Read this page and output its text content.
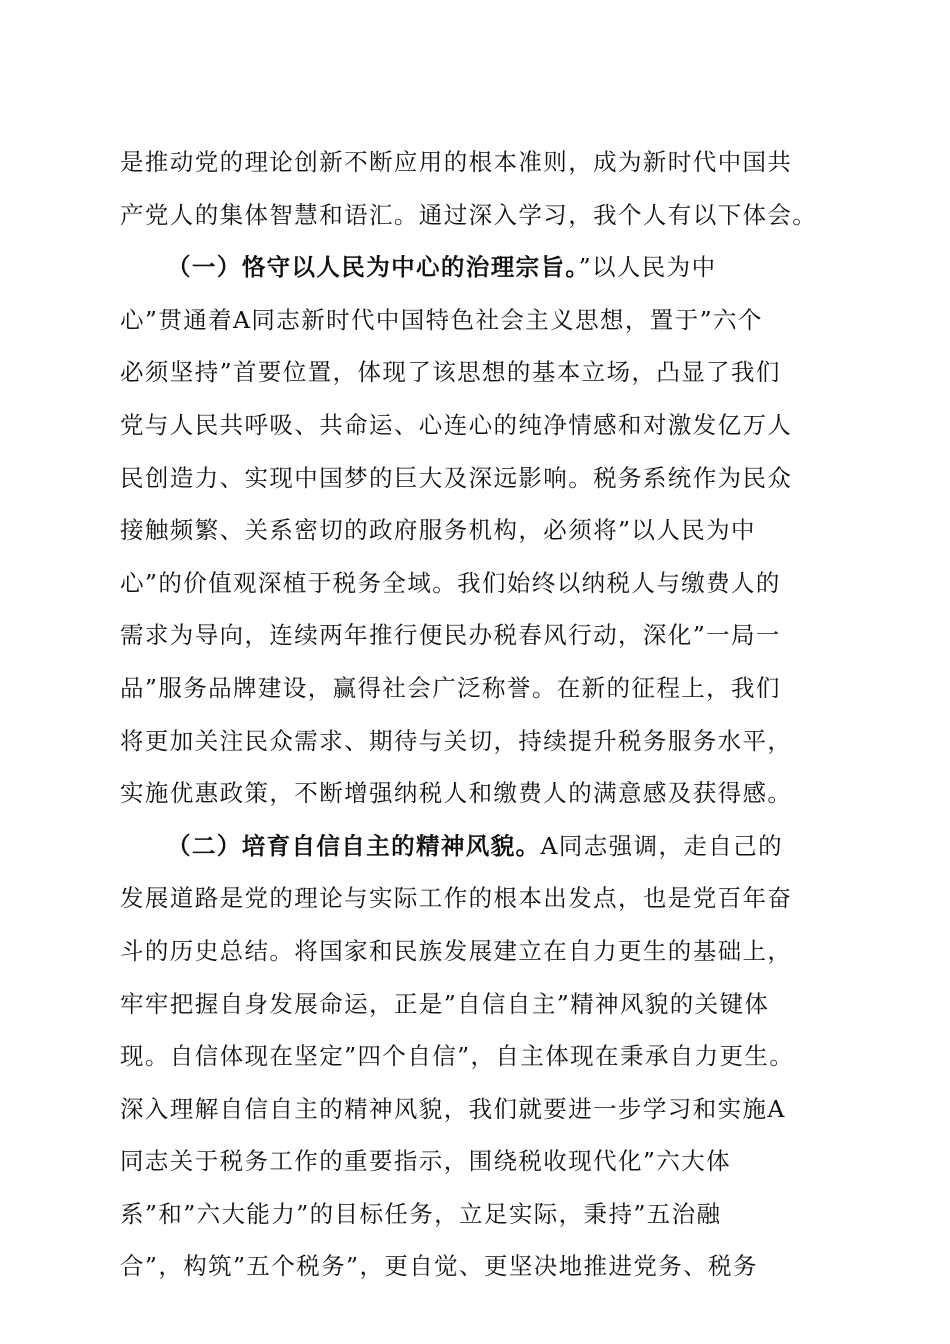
是推动党的理论创新不断应用的根本准则，成为新时代中国共
产党人的集体智慧和语汇。通过深入学习，我个人有以下体会。
（一）恪守以人民为中心的治理宗旨。”以人民为中
心”贯通着A同志新时代中国特色社会主义思想，置于”六个
必须坚持”首要位置，体现了该思想的基本立场，凸显了我们
党与人民共呼吸、共命运、心连心的纯净情感和对激发亿万人
民创造力、实现中国梦的巨大及深远影响。税务系统作为民众
接触频繁、关系密切的政府服务机构，必须将”以人民为中
心”的价值观深植于税务全域。我们始终以纳税人与缴费人的
需求为导向，连续两年推行便民办税春风行动，深化”一局一
品”服务品牌建设，赢得社会广泛称誉。在新的征程上，我们
将更加关注民众需求、期待与关切，持续提升税务服务水平，
实施优惠政策，不断增强纳税人和缴费人的满意感及获得感。
（二）培育自信自主的精神风貌。A同志强调，走自己的
发展道路是党的理论与实际工作的根本出发点，也是党百年奋
斗的历史总结。将国家和民族发展建立在自力更生的基础上，
牢牢把握自身发展命运，正是”自信自主”精神风貌的关键体
现。自信体现在坚定”四个自信”，自主体现在秉承自力更生。
深入理解自信自主的精神风貌，我们就要进一步学习和实施A
同志关于税务工作的重要指示，围绕税收现代化”六大体
系”和”六大能力”的目标任务，立足实际，秉持”五治融
合”，构筑”五个税务”，更自觉、更坚决地推进党务、税务
